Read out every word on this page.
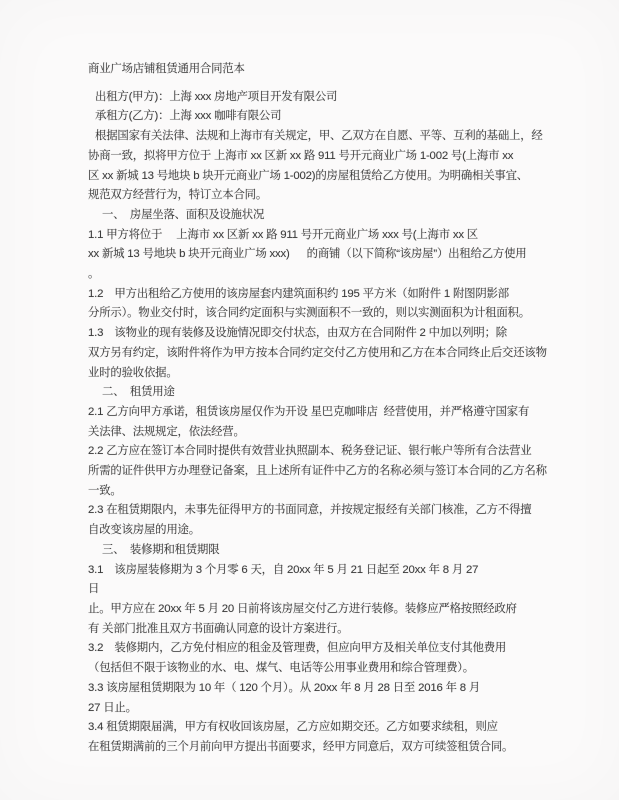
商业广场店铺租赁通用合同范本
出租方(甲方)：上海 xxx 房地产项目开发有限公司
承租方(乙方)：上海 xxx 咖啡有限公司
根据国家有关法律、法规和上海市有关规定，甲、乙双方在自愿、平等、互利的基础上，经
协商一致，拟将甲方位于 上海市 xx 区新 xx 路 911 号开元商业广场 1-002 号(上海市 xx
区 xx 新城 13 号地块 b 块开元商业广场 1-002)的房屋租赁给乙方使用。为明确相关事宜、
规范双方经营行为，特订立本合同。
一、　房屋坐落、面积及设施状况
1.1 甲方将位于　 上海市 xx 区新 xx 路 911 号开元商业广场 xxx 号(上海市 xx 区
xx 新城 13 号地块 b 块开元商业广场 xxx)　  的商铺（以下简称“该房屋”）出租给乙方使用
。
1.2　甲方出租给乙方使用的该房屋套内建筑面积约 195 平方米（如附件 1 附图阴影部
分所示）。物业交付时，该合同约定面积与实测面积不一致的，则以实测面积为计租面积。
1.3　该物业的现有装修及设施情况即交付状态，由双方在合同附件 2 中加以列明；除
双方另有约定，该附件将作为甲方按本合同约定交付乙方使用和乙方在本合同终止后交还该物
业时的验收依据。
二、　租赁用途
2.1 乙方向甲方承诺，租赁该房屋仅作为开设 星巴克咖啡店  经营使用，并严格遵守国家有
关法律、法规规定，依法经营。
2.2 乙方应在签订本合同时提供有效营业执照副本、税务登记证、银行帐户等所有合法营业
所需的证件供甲方办理登记备案，且上述所有证件中乙方的名称必须与签订本合同的乙方名称
一致。
2.3 在租赁期限内，未事先征得甲方的书面同意，并按规定报经有关部门核准，乙方不得擅
自改变该房屋的用途。
三、　装修期和租赁期限
3.1　该房屋装修期为 3 个月零 6 天，自 20xx 年 5 月 21 日起至 20xx 年 8 月 27
日
止。甲方应在 20xx 年 5 月 20 日前将该房屋交付乙方进行装修。装修应严格按照经政府
有 关部门批准且双方书面确认同意的设计方案进行。
3.2　装修期内，乙方免付相应的租金及管理费，但应向甲方及相关单位支付其他费用
（包括但不限于该物业的水、电、煤气、电话等公用事业费用和综合管理费）。
3.3 该房屋租赁期限为 10 年（ 120 个月）。从 20xx 年 8 月 28 日至 2016 年 8 月
27 日止。
3.4 租赁期限届满，甲方有权收回该房屋，乙方应如期交还。乙方如要求续租，则应
在租赁期满前的三个月前向甲方提出书面要求，经甲方同意后，双方可续签租赁合同。
